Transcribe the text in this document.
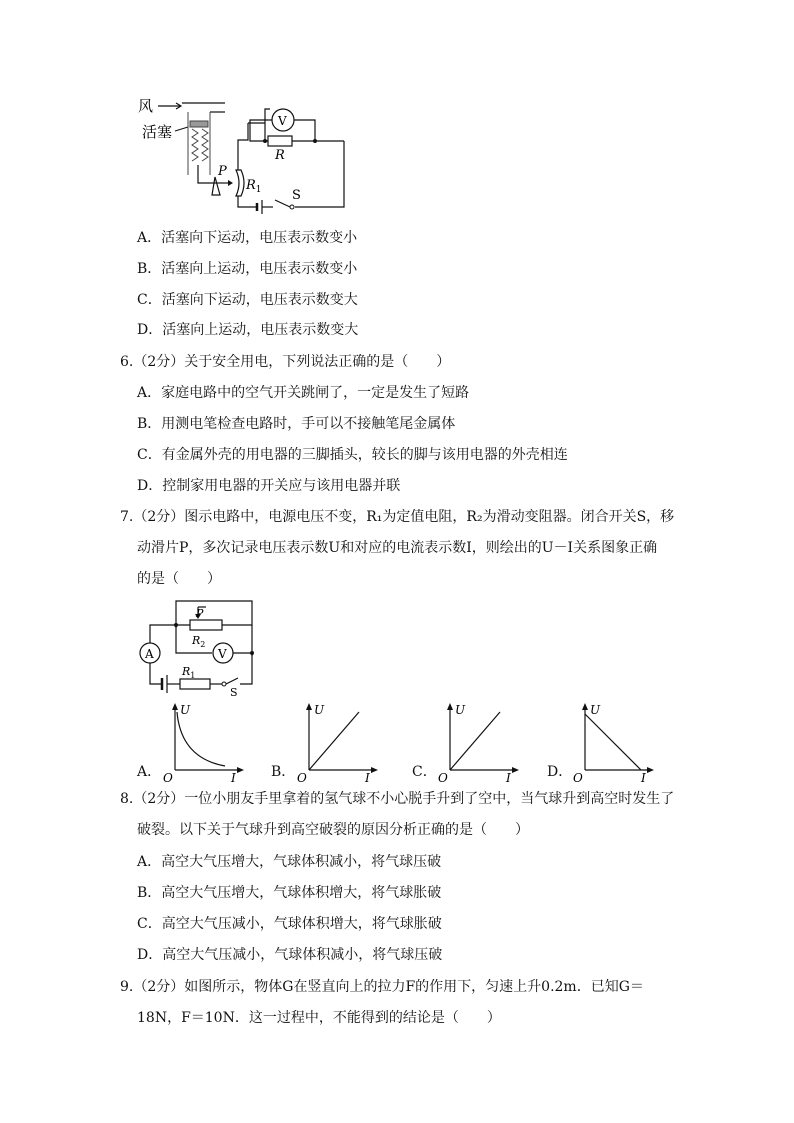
风
活塞
P
$R_1$
V
R
S
A．活塞向下运动，电压表示数变小
B．活塞向上运动，电压表示数变小
C．活塞向下运动，电压表示数变大
D．活塞向上运动，电压表示数变大
6.（2分）关于安全用电，下列说法正确的是（　　）
A．家庭电路中的空气开关跳闸了，一定是发生了短路
B．用测电笔检查电路时，手可以不接触笔尾金属体
C．有金属外壳的用电器的三脚插头，较长的脚与该用电器的外壳相连
D．控制家用电器的开关应与该用电器并联
7.（2分）图示电路中，电源电压不变，R₁为定值电阻，R₂为滑动变阻器。闭合开关S，移
动滑片P，多次记录电压表示数U和对应的电流表示数I，则绘出的U－I关系图象正确
的是（　　）
P
$R_2$
V
A
$R_1$
S
A．
U
I
O	B．
U
I
O	C．
U
I
O	D．
U
I
O
8.（2分）一位小朋友手里拿着的氢气球不小心脱手升到了空中，当气球升到高空时发生了
破裂。以下关于气球升到高空破裂的原因分析正确的是（　　）
A．高空大气压增大，气球体积减小，将气球压破
B．高空大气压增大，气球体积增大，将气球胀破
C．高空大气压减小，气球体积增大，将气球胀破
D．高空大气压减小，气球体积减小，将气球压破
9.（2分）如图所示，物体G在竖直向上的拉力F的作用下，匀速上升0.2m．已知G＝
18N，F＝10N．这一过程中，不能得到的结论是（　　）
